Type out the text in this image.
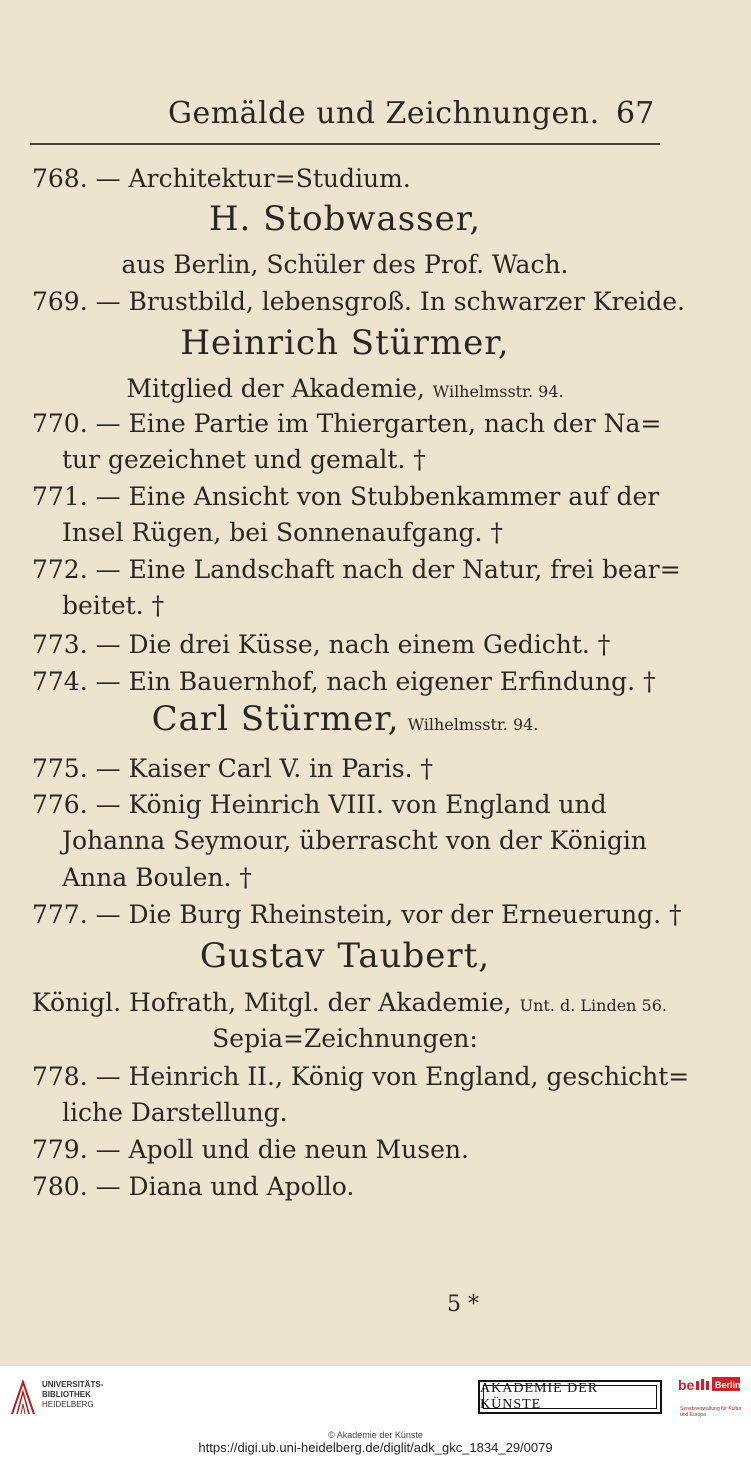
Gemälde und Zeichnungen. 67
768. — Architektur=Studium.
H. Stobwasser,
aus Berlin, Schüler des Prof. Wach.
769. — Brustbild, lebensgroß. In schwarzer Kreide.
Heinrich Stürmer,
Mitglied der Akademie, Wilhelmsstr. 94.
770. — Eine Partie im Thiergarten, nach der Na=
tur gezeichnet und gemalt. †
771. — Eine Ansicht von Stubbenkammer auf der
Insel Rügen, bei Sonnenaufgang. †
772. — Eine Landschaft nach der Natur, frei bear=
beitet. †
773. — Die drei Küsse, nach einem Gedicht. †
774. — Ein Bauernhof, nach eigener Erfindung. †
Carl Stürmer, Wilhelmsstr. 94.
775. — Kaiser Carl V. in Paris. †
776. — König Heinrich VIII. von England und
Johanna Seymour, überrascht von der Königin
Anna Boulen. †
777. — Die Burg Rheinstein, vor der Erneuerung. †
Gustav Taubert,
Königl. Hofrath, Mitgl. der Akademie, Unt. d. Linden 56.
Sepia=Zeichnungen:
778. — Heinrich II., König von England, geschicht=
liche Darstellung.
779. — Apoll und die neun Musen.
780. — Diana und Apollo.
5 *
UNIVERSITÄTS-
BIBLIOTHEK
HEIDELBERG
AKADEMIE DER KÜNSTE
be Berlin
Senatsverwaltung für Kultur und Europa
© Akademie der Künste
https://digi.ub.uni-heidelberg.de/diglit/adk_gkc_1834_29/0079
